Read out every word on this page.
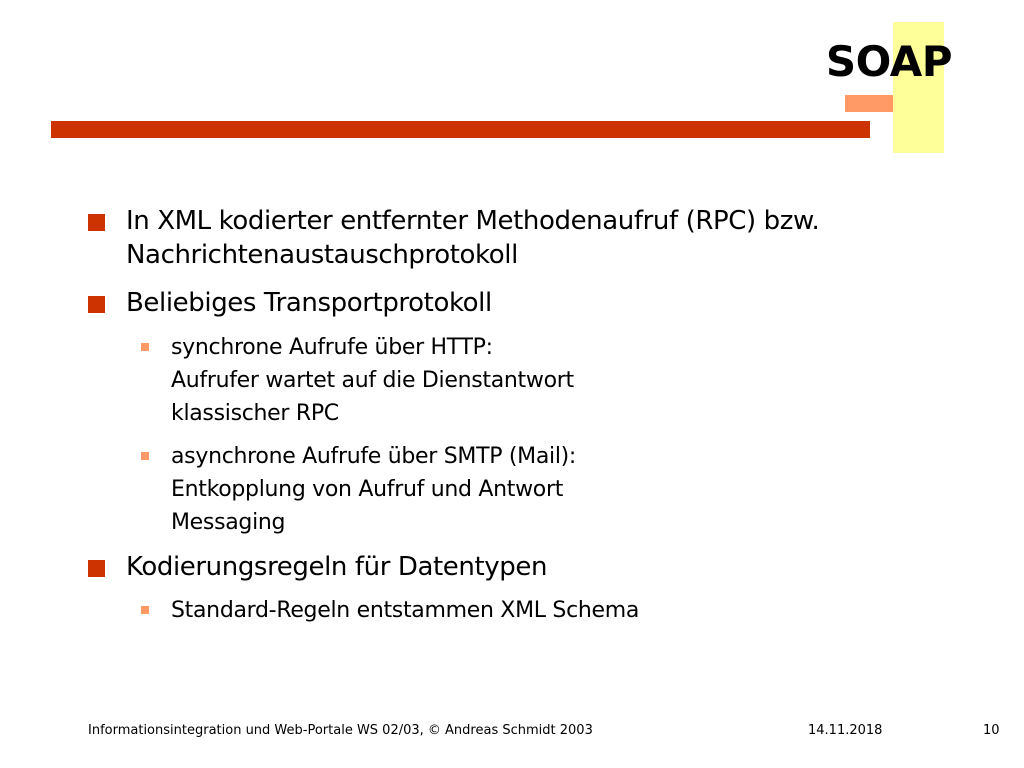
SOAP
In XML kodierter entfernter Methodenaufruf (RPC) bzw.
Nachrichtenaustauschprotokoll
Beliebiges Transportprotokoll
synchrone Aufrufe über HTTP:
Aufrufer wartet auf die Dienstantwort
klassischer RPC
asynchrone Aufrufe über SMTP (Mail):
Entkopplung von Aufruf und Antwort
Messaging
Kodierungsregeln für Datentypen
Standard-Regeln entstammen XML Schema
Informationsintegration und Web-Portale WS 02/03, © Andreas Schmidt 2003	14.11.2018	10
